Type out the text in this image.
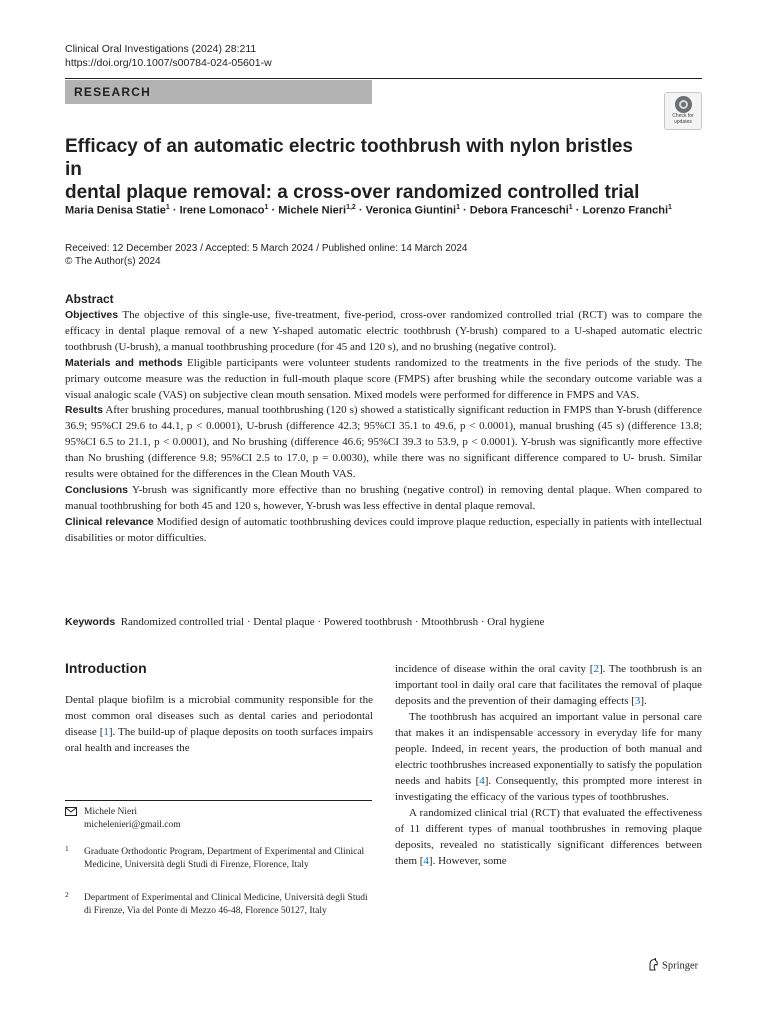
Clinical Oral Investigations (2024) 28:211
https://doi.org/10.1007/s00784-024-05601-w
RESEARCH
Check for
updates
Efficacy of an automatic electric toothbrush with nylon bristles in
dental plaque removal: a cross-over randomized controlled trial
Maria Denisa Statie$^1$ · Irene Lomonaco$^1$ · Michele Nieri$^{1,2}$ · Veronica Giuntini$^1$ · Debora Franceschi$^1$ · Lorenzo Franchi$^1$
Received: 12 December 2023 / Accepted: 5 March 2024 / Published online: 14 March 2024
© The Author(s) 2024
Abstract

Objectives The objective of this single-use, five-treatment, five-period, cross-over randomized controlled trial (RCT) was to compare the efficacy in dental plaque removal of a new Y-shaped automatic electric toothbrush (Y-brush) compared to a U-shaped automatic electric toothbrush (U-brush), a manual toothbrushing procedure (for 45 and 120 s), and no brushing (negative control).

Materials and methods Eligible participants were volunteer students randomized to the treatments in the five periods of the study. The primary outcome measure was the reduction in full-mouth plaque score (FMPS) after brushing while the secondary outcome variable was a visual analogic scale (VAS) on subjective clean mouth sensation. Mixed models were performed for difference in FMPS and VAS.

Results After brushing procedures, manual toothbrushing (120 s) showed a statistically significant reduction in FMPS than Y-brush (difference 36.9; 95%CI 29.6 to 44.1, p < 0.0001), U-brush (difference 42.3; 95%CI 35.1 to 49.6, p < 0.0001), manual brushing (45 s) (difference 13.8; 95%CI 6.5 to 21.1, p < 0.0001), and No brushing (difference 46.6; 95%CI 39.3 to 53.9, p < 0.0001). Y-brush was significantly more effective than No brushing (difference 9.8; 95%CI 2.5 to 17.0, p = 0.0030), while there was no significant difference compared to U- brush. Similar results were obtained for the differences in the Clean Mouth VAS.

Conclusions Y-brush was significantly more effective than no brushing (negative control) in removing dental plaque. When compared to manual toothbrushing for both 45 and 120 s, however, Y-brush was less effective in dental plaque removal.

Clinical relevance Modified design of automatic toothbrushing devices could improve plaque reduction, especially in patients with intellectual disabilities or motor difficulties.

Keywords Randomized controlled trial · Dental plaque · Powered toothbrush · Mtoothbrush · Oral hygiene
Introduction

Dental plaque biofilm is a microbial community responsible for the most common oral diseases such as dental caries and periodontal disease [1]. The build-up of plaque deposits on tooth surfaces impairs oral health and increases the

incidence of disease within the oral cavity [2]. The toothbrush is an important tool in daily oral care that facilitates the removal of plaque deposits and the prevention of their damaging effects [3].

The toothbrush has acquired an important value in personal care that makes it an indispensable accessory in everyday life for many people. Indeed, in recent years, the production of both manual and electric toothbrushes increased exponentially to satisfy the population needs and habits [4]. Consequently, this prompted more interest in investigating the efficacy of the various types of toothbrushes.

A randomized clinical trial (RCT) that evaluated the effectiveness of 11 different types of manual toothbrushes in removing plaque deposits, revealed no statistically significant differences between them [4]. However, some

Michele Nieri
michelenieri@gmail.com
1	Graduate Orthodontic Program, Department of Experimental and Clinical Medicine, Università degli Studi di Firenze, Florence, Italy
2	Department of Experimental and Clinical Medicine, Università degli Studi di Firenze, Via del Ponte di Mezzo 46-48, Florence 50127, Italy
Springer
